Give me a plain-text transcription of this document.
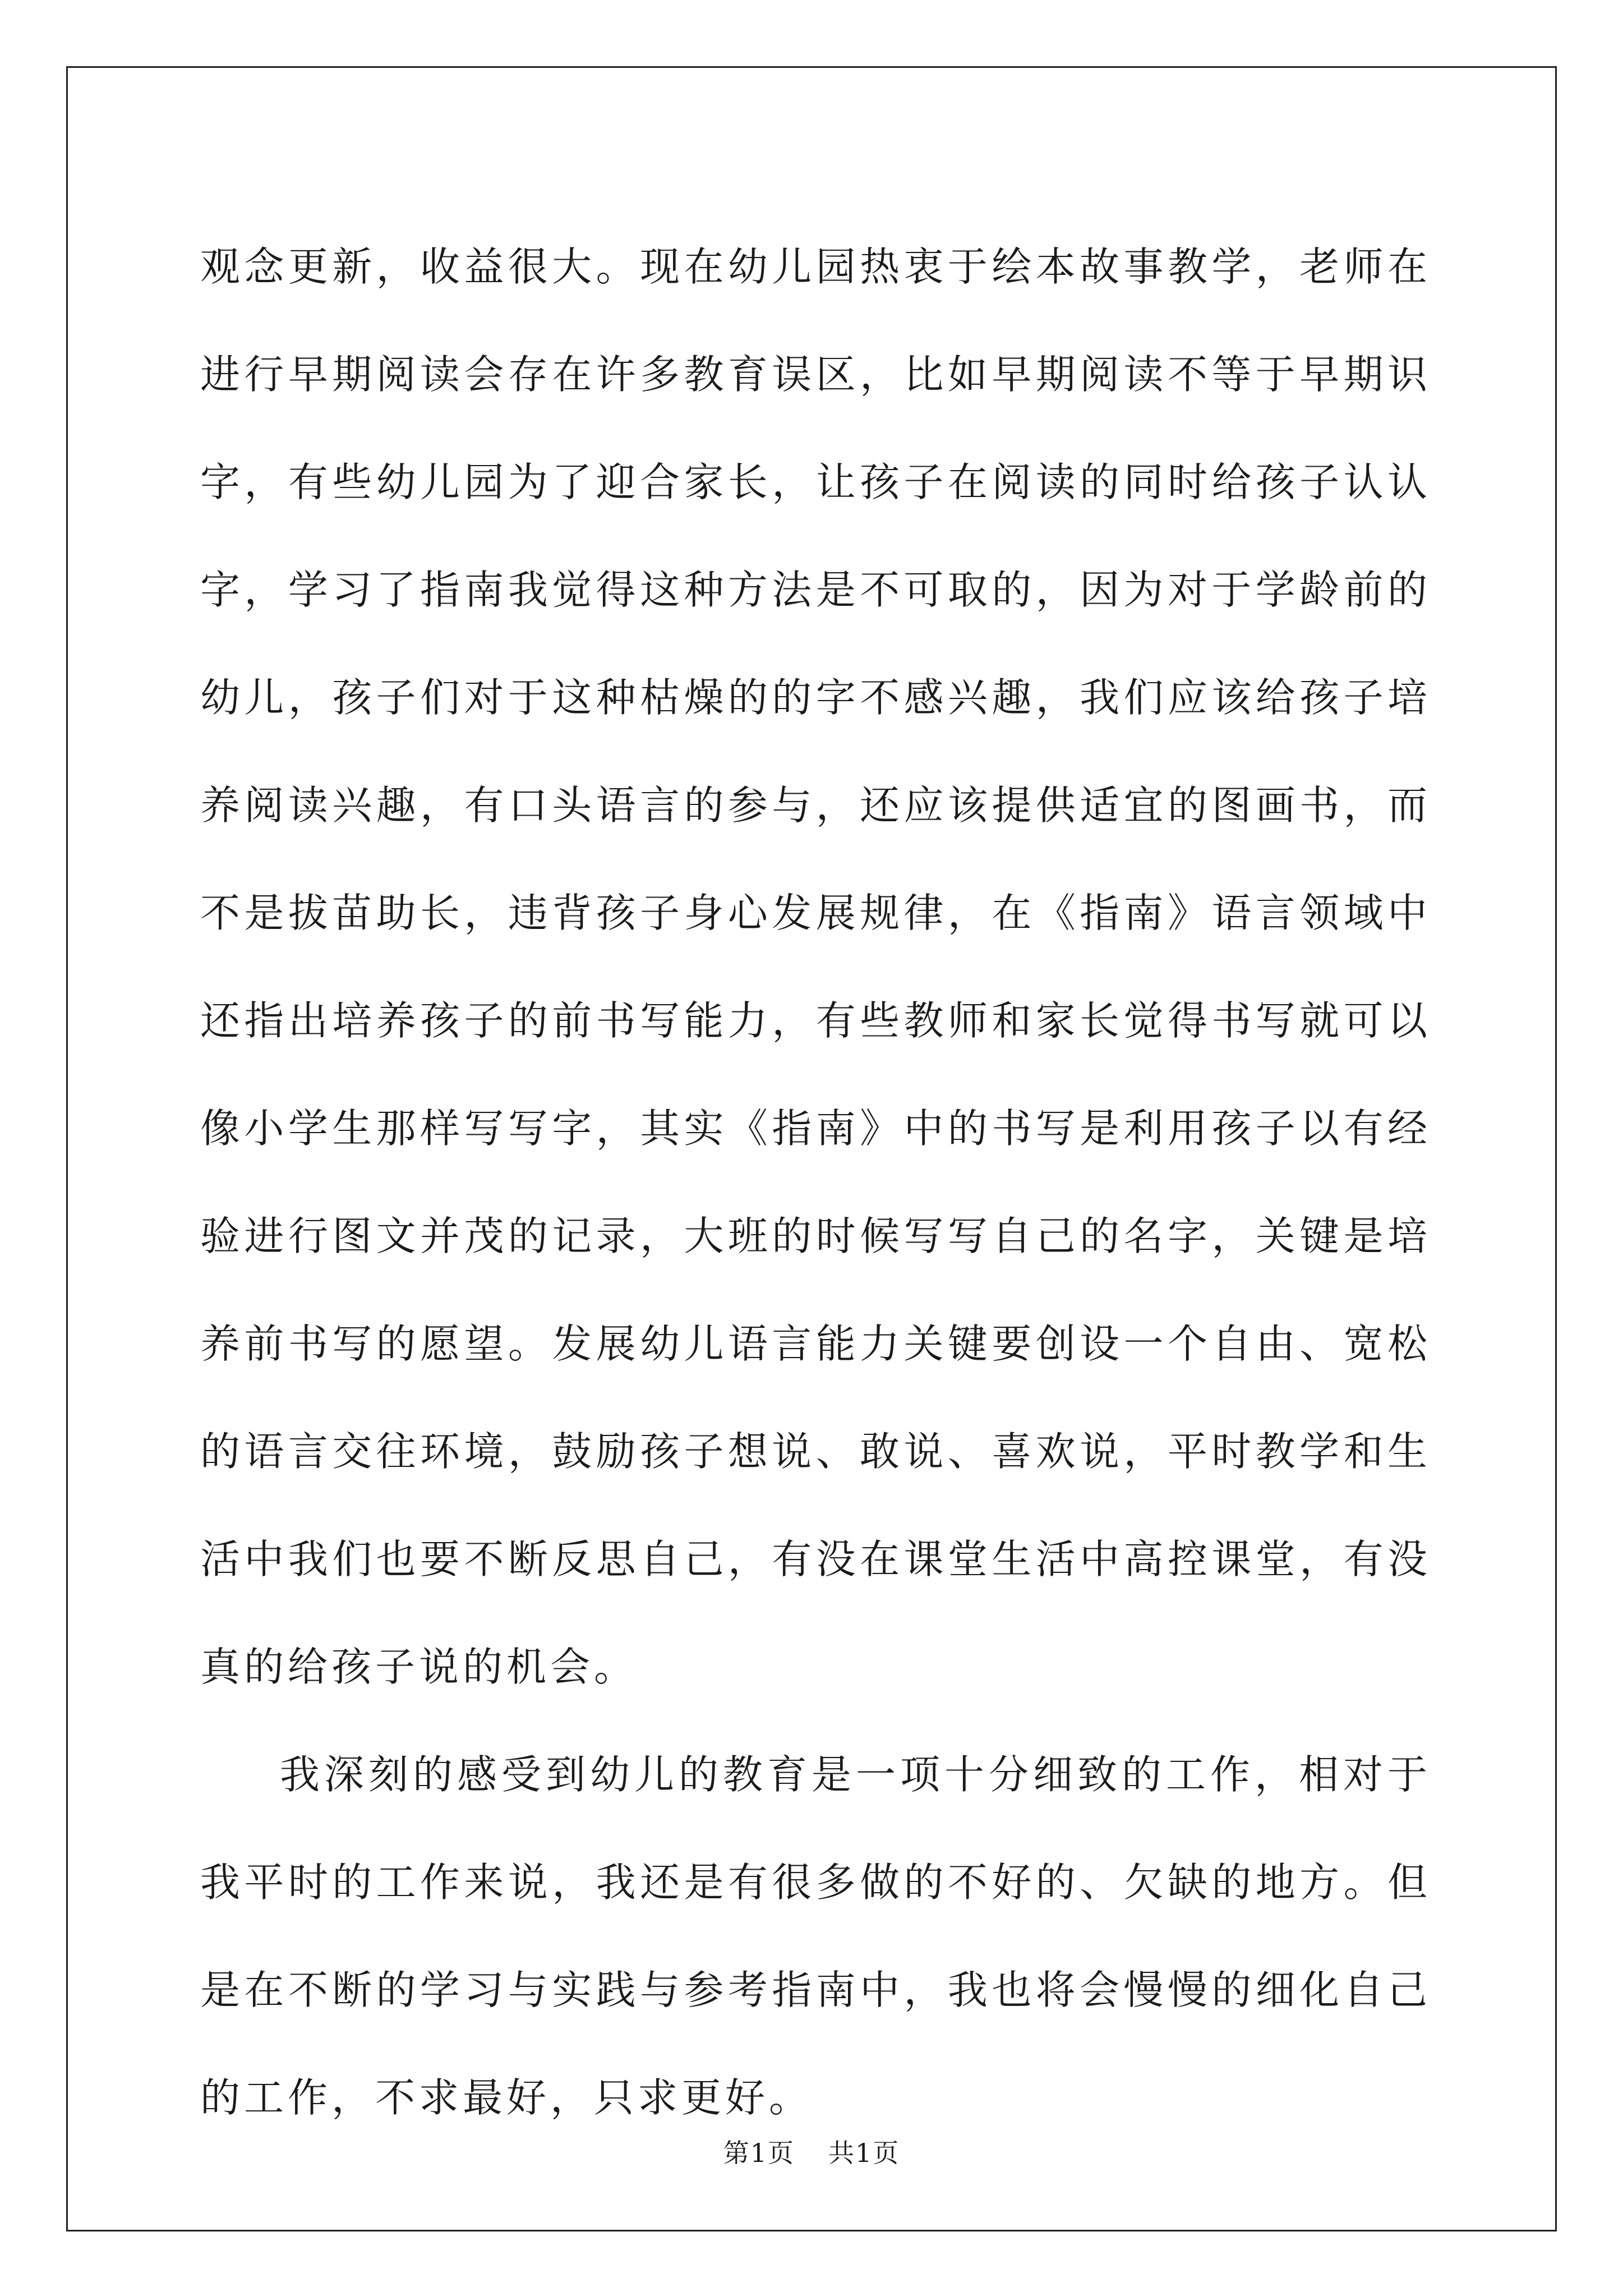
观念更新，收益很大。现在幼儿园热衷于绘本故事教学，老师在进行早期阅读会存在许多教育误区，比如早期阅读不等于早期识字，有些幼儿园为了迎合家长，让孩子在阅读的同时给孩子认认字，学习了指南我觉得这种方法是不可取的，因为对于学龄前的幼儿，孩子们对于这种枯燥的的字不感兴趣，我们应该给孩子培养阅读兴趣，有口头语言的参与，还应该提供适宜的图画书，而不是拔苗助长，违背孩子身心发展规律，在《指南》语言领域中还指出培养孩子的前书写能力，有些教师和家长觉得书写就可以像小学生那样写写字，其实《指南》中的书写是利用孩子以有经验进行图文并茂的记录，大班的时候写写自己的名字，关键是培养前书写的愿望。发展幼儿语言能力关键要创设一个自由、宽松的语言交往环境，鼓励孩子想说、敢说、喜欢说，平时教学和生活中我们也要不断反思自己，有没在课堂生活中高控课堂，有没真的给孩子说的机会。

我深刻的感受到幼儿的教育是一项十分细致的工作，相对于我平时的工作来说，我还是有很多做的不好的、欠缺的地方。但是在不断的学习与实践与参考指南中，我也将会慢慢的细化自己的工作，不求最好，只求更好。

第1页 共1页
